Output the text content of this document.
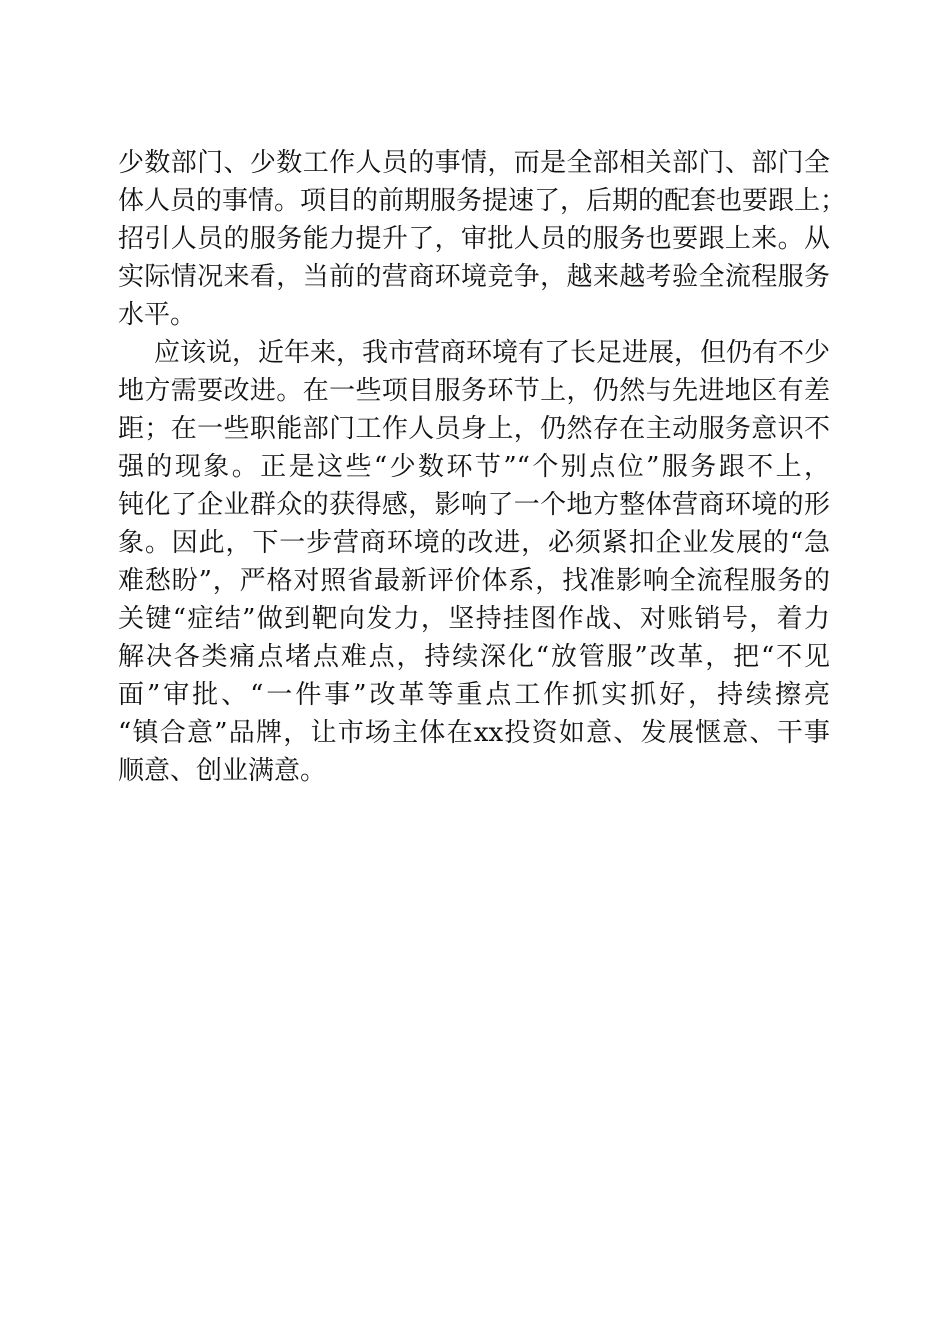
少数部门、少数工作人员的事情，而是全部相关部门、部门全
体人员的事情。项目的前期服务提速了，后期的配套也要跟上；
招引人员的服务能力提升了，审批人员的服务也要跟上来。从
实际情况来看，当前的营商环境竞争，越来越考验全流程服务
水平。
应该说，近年来，我市营商环境有了长足进展，但仍有不少
地方需要改进。在一些项目服务环节上，仍然与先进地区有差
距；在一些职能部门工作人员身上，仍然存在主动服务意识不
强的现象。正是这些“少数环节”“个别点位”服务跟不上，
钝化了企业群众的获得感，影响了一个地方整体营商环境的形
象。因此，下一步营商环境的改进，必须紧扣企业发展的“急
难愁盼”，严格对照省最新评价体系，找准影响全流程服务的
关键“症结”做到靶向发力，坚持挂图作战、对账销号，着力
解决各类痛点堵点难点，持续深化“放管服”改革，把“不见
面”审批、“一件事”改革等重点工作抓实抓好，持续擦亮
“镇合意”品牌，让市场主体在xx投资如意、发展惬意、干事
顺意、创业满意。
